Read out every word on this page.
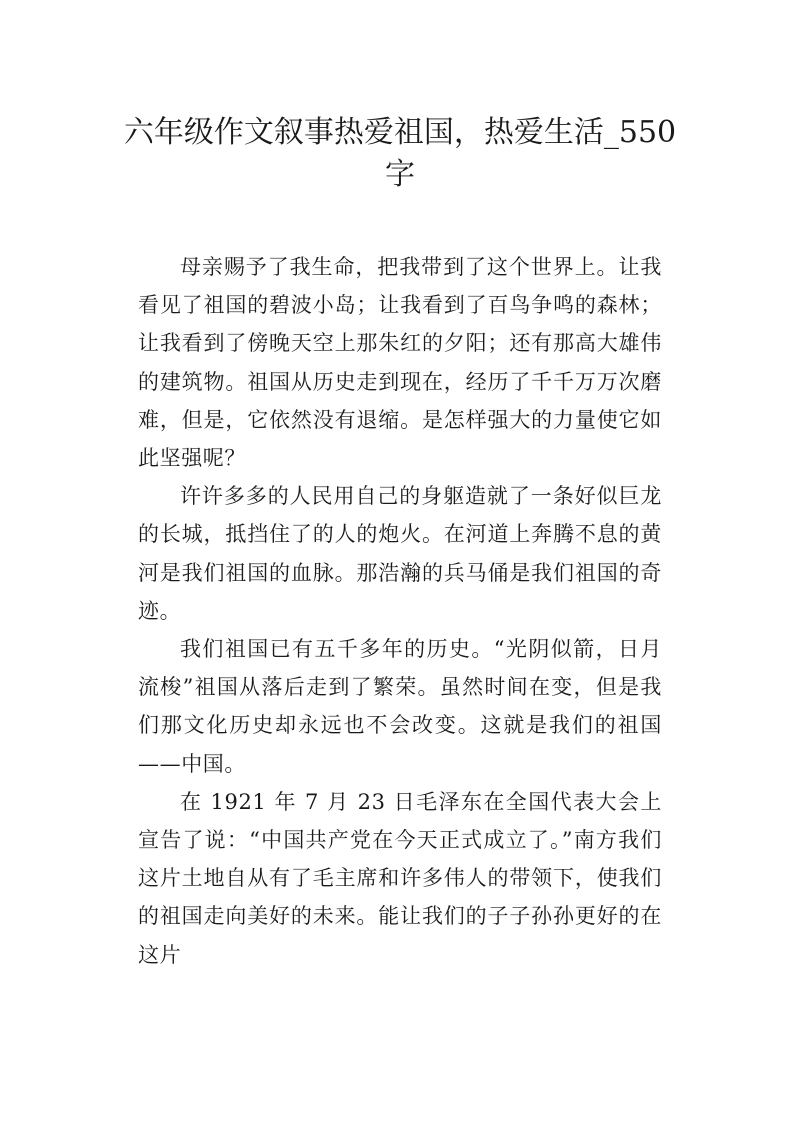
六年级作文叙事热爱祖国，热爱生活_550字

母亲赐予了我生命，把我带到了这个世界上。让我看见了祖国的碧波小岛；让我看到了百鸟争鸣的森林；让我看到了傍晚天空上那朱红的夕阳；还有那高大雄伟的建筑物。祖国从历史走到现在，经历了千千万万次磨难，但是，它依然没有退缩。是怎样强大的力量使它如此坚强呢？

许许多多的人民用自己的身躯造就了一条好似巨龙的长城，抵挡住了的人的炮火。在河道上奔腾不息的黄河是我们祖国的血脉。那浩瀚的兵马俑是我们祖国的奇迹。

我们祖国已有五千多年的历史。“光阴似箭，日月流梭”祖国从落后走到了繁荣。虽然时间在变，但是我们那文化历史却永远也不会改变。这就是我们的祖国——中国。

在 1921 年 7 月 23 日毛泽东在全国代表大会上宣告了说：“中国共产党在今天正式成立了。”南方我们这片土地自从有了毛主席和许多伟人的带领下，使我们的祖国走向美好的未来。能让我们的子子孙孙更好的在这片
